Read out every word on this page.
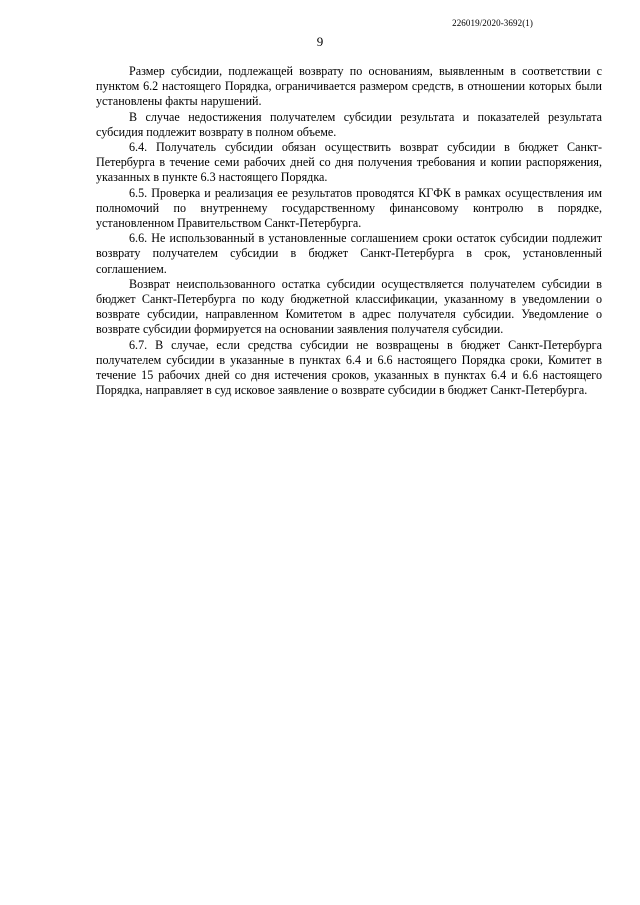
226019/2020-3692(1)
9

Размер субсидии, подлежащей возврату по основаниям, выявленным в соответствии с пунктом 6.2 настоящего Порядка, ограничивается размером средств, в отношении которых были установлены факты нарушений.

В случае недостижения получателем субсидии результата и показателей результата субсидия подлежит возврату в полном объеме.

6.4. Получатель субсидии обязан осуществить возврат субсидии в бюджет Санкт-Петербурга в течение семи рабочих дней со дня получения требования и копии распоряжения, указанных в пункте 6.3 настоящего Порядка.

6.5. Проверка и реализация ее результатов проводятся КГФК в рамках осуществления им полномочий по внутреннему государственному финансовому контролю в порядке, установленном Правительством Санкт-Петербурга.

6.6. Не использованный в установленные соглашением сроки остаток субсидии подлежит возврату получателем субсидии в бюджет Санкт-Петербурга в срок, установленный соглашением.

Возврат неиспользованного остатка субсидии осуществляется получателем субсидии в бюджет Санкт-Петербурга по коду бюджетной классификации, указанному в уведомлении о возврате субсидии, направленном Комитетом в адрес получателя субсидии. Уведомление о возврате субсидии формируется на основании заявления получателя субсидии.

6.7. В случае, если средства субсидии не возвращены в бюджет Санкт-Петербурга получателем субсидии в указанные в пунктах 6.4 и 6.6 настоящего Порядка сроки, Комитет в течение 15 рабочих дней со дня истечения сроков, указанных в пунктах 6.4 и 6.6 настоящего Порядка, направляет в суд исковое заявление о возврате субсидии в бюджет Санкт-Петербурга.
